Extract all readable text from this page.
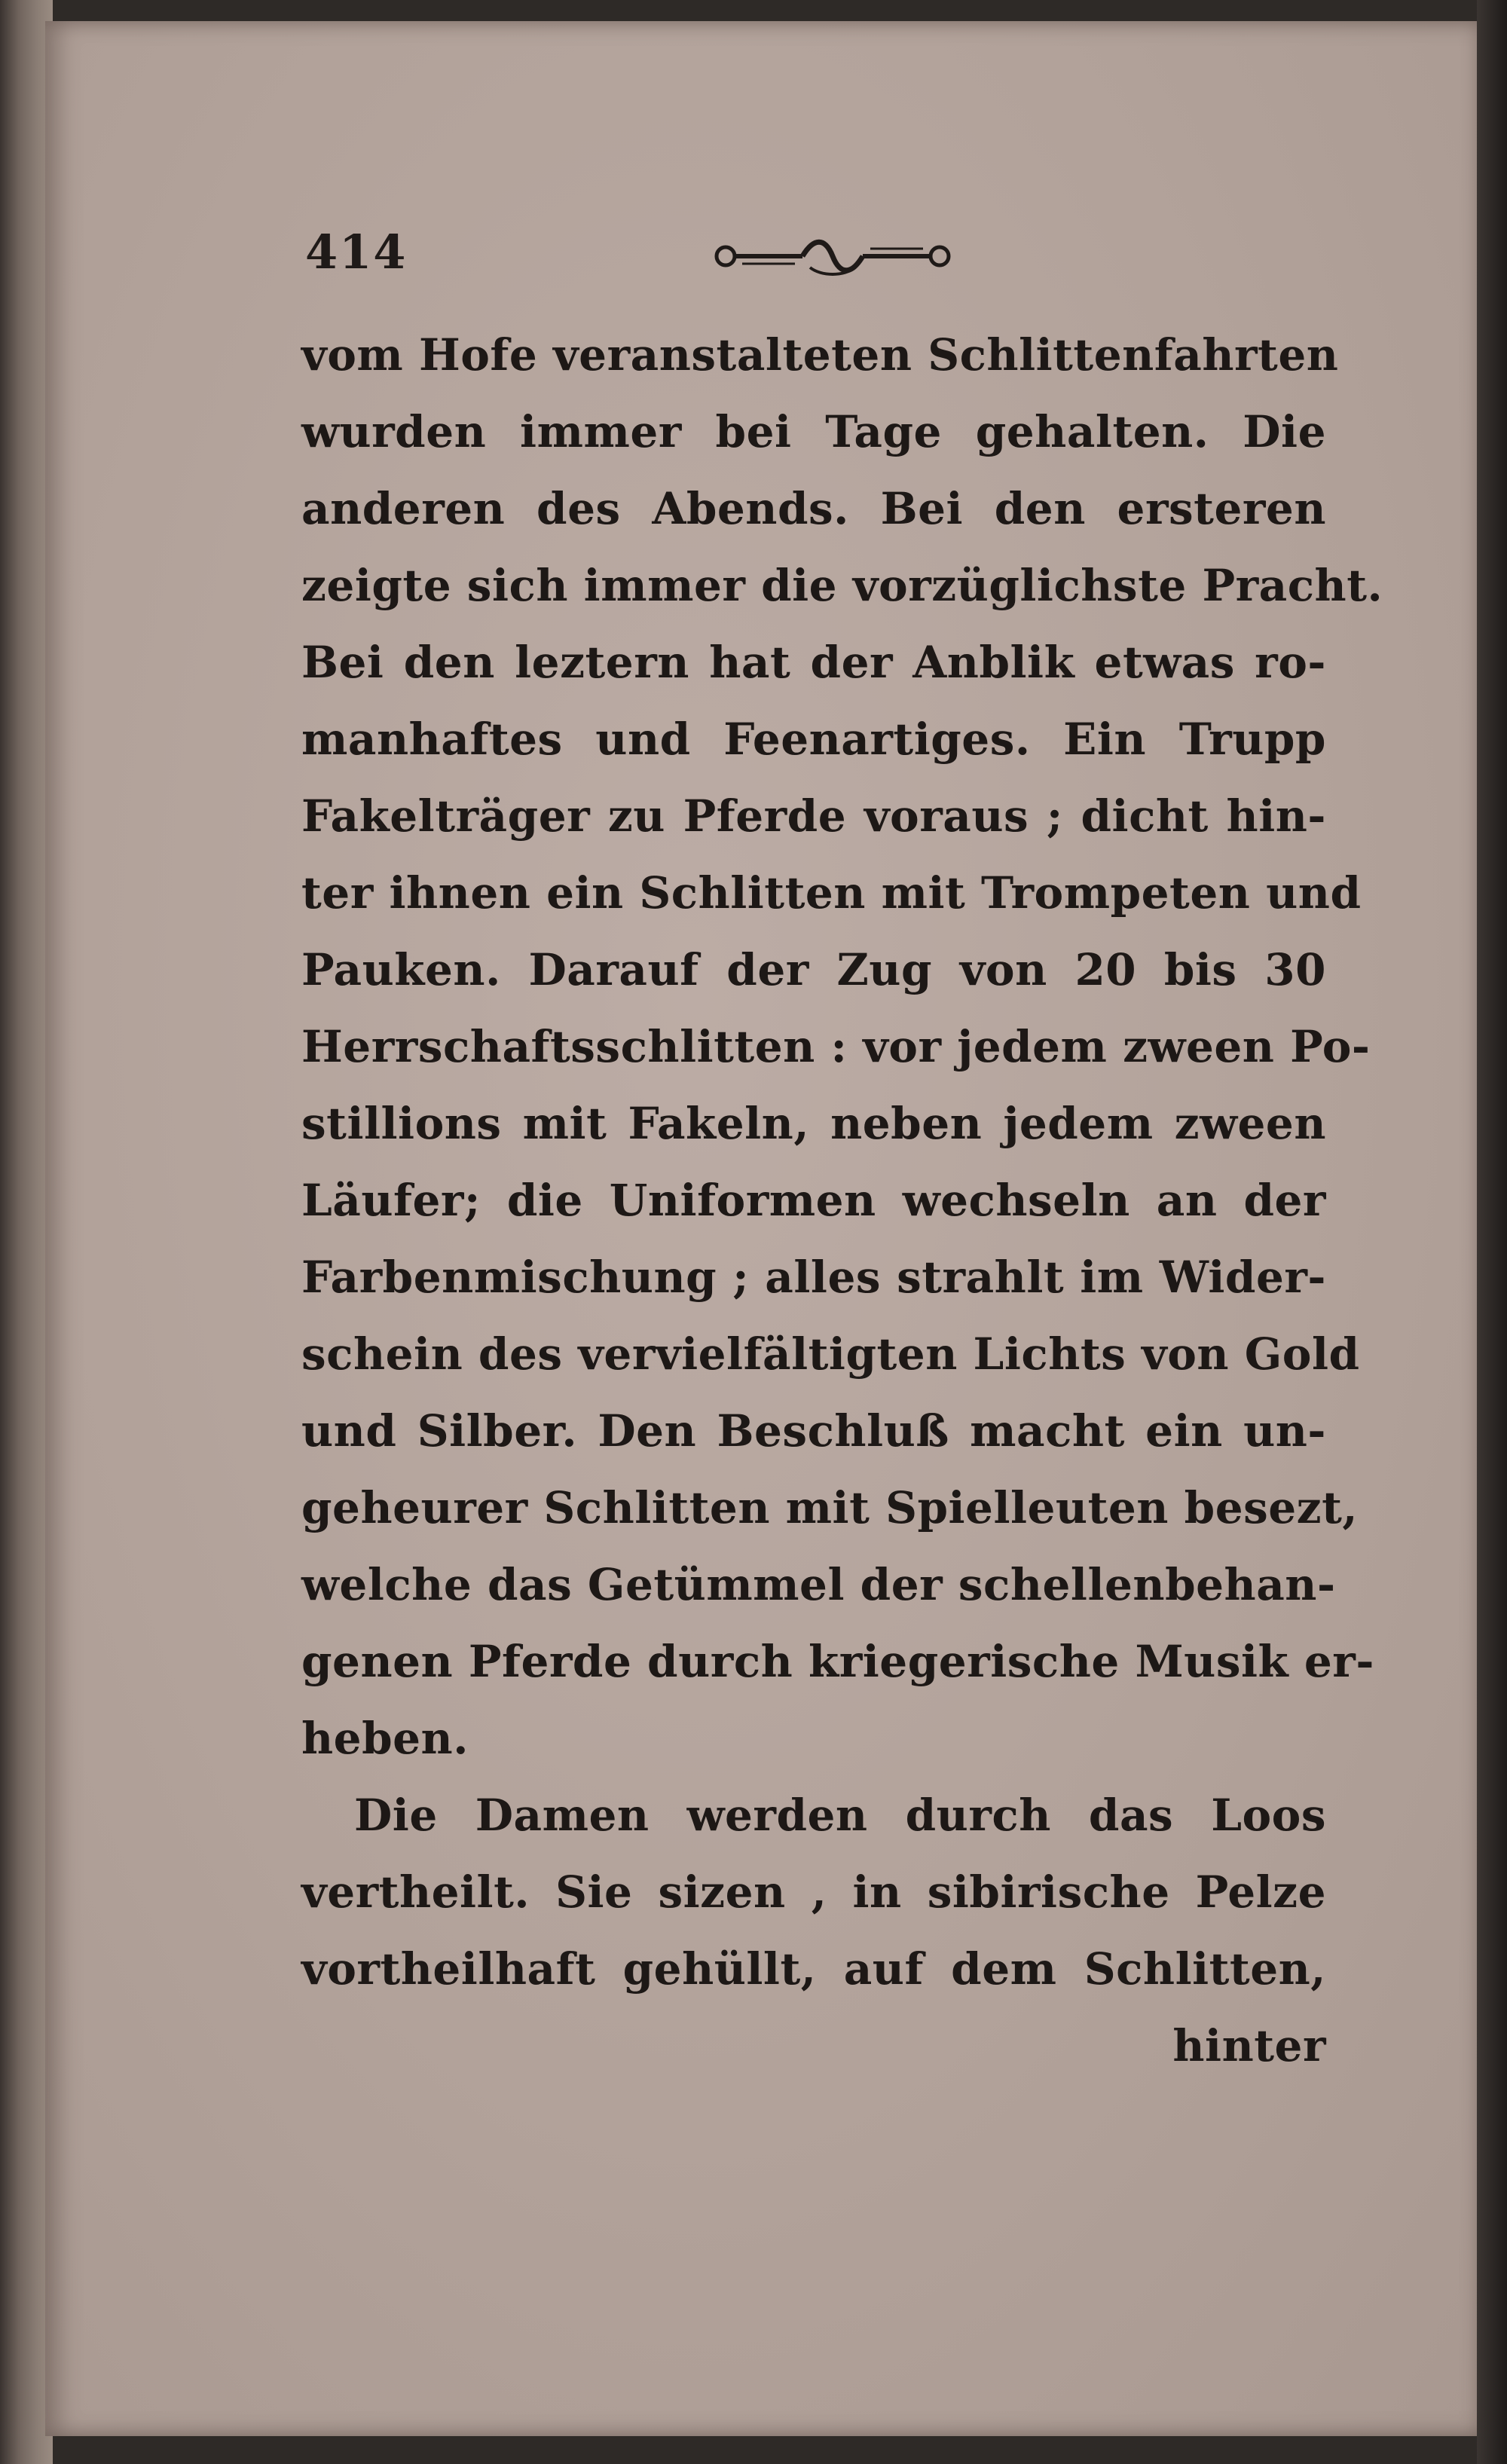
414
vom Hofe veranstalteten Schlittenfahrten
wurden immer bei Tage gehalten. Die
anderen des Abends. Bei den ersteren
zeigte sich immer die vorzüglichste Pracht.
Bei den leztern hat der Anblik etwas ro-
manhaftes und Feenartiges. Ein Trupp
Fakelträger zu Pferde voraus ; dicht hin-
ter ihnen ein Schlitten mit Trompeten und
Pauken. Darauf der Zug von 20 bis 30
Herrschaftsschlitten : vor jedem zween Po-
stillions mit Fakeln, neben jedem zween
Läufer; die Uniformen wechseln an der
Farbenmischung ; alles strahlt im Wider-
schein des vervielfältigten Lichts von Gold
und Silber. Den Beschluß macht ein un-
geheurer Schlitten mit Spielleuten besezt,
welche das Getümmel der schellenbehan-
genen Pferde durch kriegerische Musik er-
heben.
Die Damen werden durch das Loos
vertheilt. Sie sizen , in sibirische Pelze
vortheilhaft gehüllt, auf dem Schlitten,
hinter
